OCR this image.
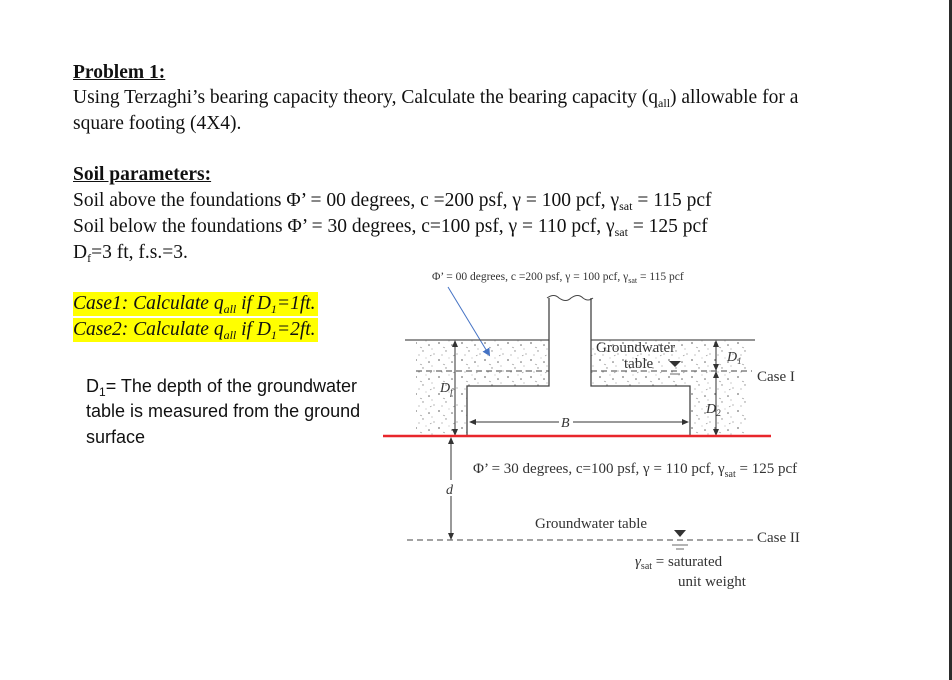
Problem 1:
Using Terzaghi’s bearing capacity theory, Calculate the bearing capacity $(q_{all})$ allowable for a
square footing (4X4).
Soil parameters:
Soil above the foundations Φ’ = 00 degrees, c =200 psf, γ = 100 pcf, $\gamma_{sat} = 115$ pcf
Soil below the foundations Φ’ = 30 degrees, c=100 psf, γ = 110 pcf, $\gamma_{sat} = 125$ pcf
$D_f=3$ ft, f.s.=3.
Case1: Calculate $q_{all}$ if $D_1=1ft$.
Case2: Calculate $q_{all}$ if $D_1=2ft$.
$D_1=$ The depth of the groundwater
table is measured from the ground
surface
Φ’ = 00 degrees, c =200 psf, γ = 100 pcf, $\gamma_{sat} = 115$ pcf
Groundwater
table
Case I
$D_f$
$D_1$
$D_2$
B
Φ’ = 30 degrees, c=100 psf, γ = 110 pcf, $\gamma_{sat} = 125$ pcf
d
Groundwater table
Case II
$\gamma_{sat}$ = saturated
unit weight
